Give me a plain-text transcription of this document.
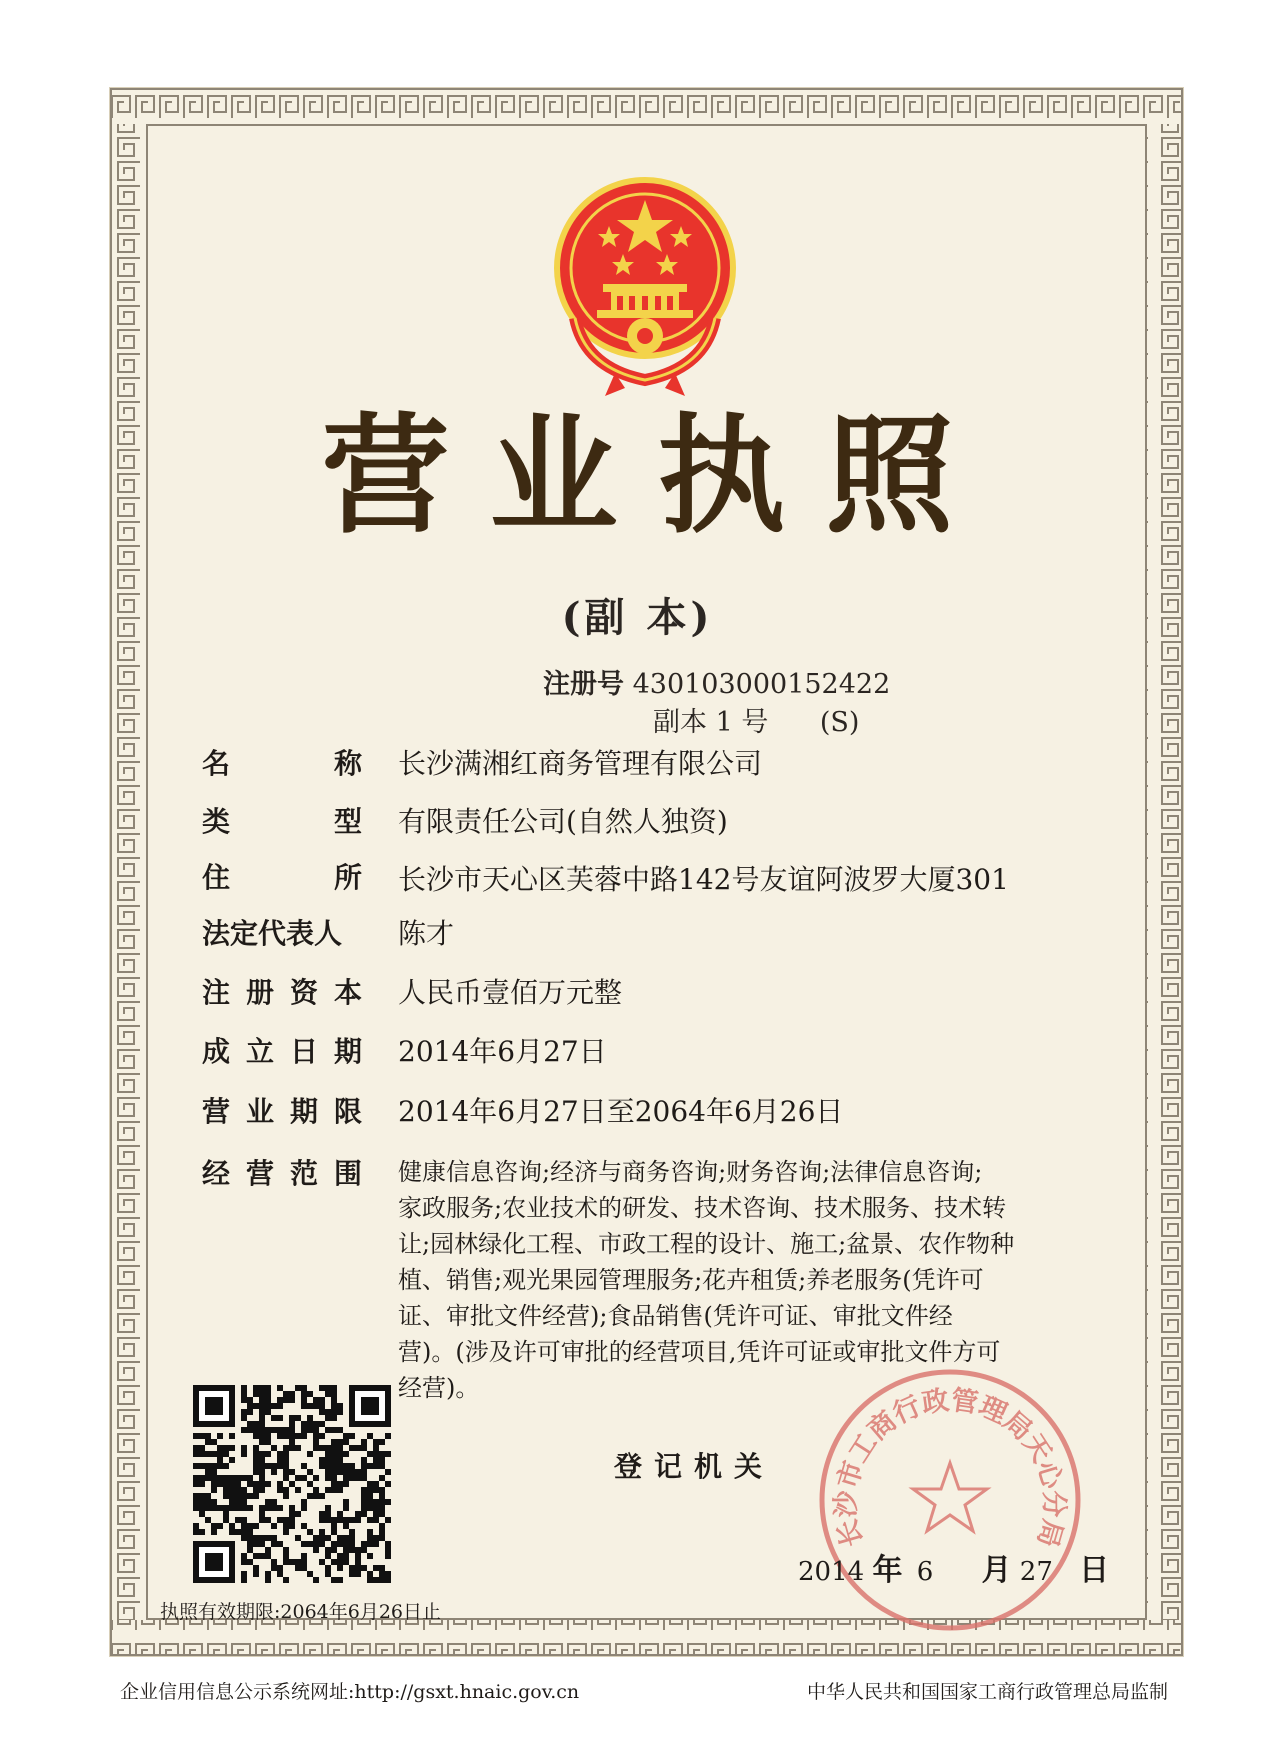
营业执照
(副 本)
注册号 430103000152422
副本 1 号 (S)
名	称 长沙满湘红商务管理有限公司
类	型 有限责任公司(自然人独资)
住	所 长沙市天心区芙蓉中路142号友谊阿波罗大厦301
法定代表人	陈才
注 册 资 本 人民币壹佰万元整
成 立 日 期 2014年6月27日
营 业 期 限 2014年6月27日至2064年6月26日
经 营 范 围 健康信息咨询;经济与商务咨询;财务咨询;法律信息咨询;
家政服务;农业技术的研发、技术咨询、技术服务、技术转
让;园林绿化工程、市政工程的设计、施工;盆景、农作物种
植、销售;观光果园管理服务;花卉租赁;养老服务(凭许可
证、审批文件经营);食品销售(凭许可证、审批文件经
营)。(涉及许可审批的经营项目,凭许可证或审批文件方可
经营)。
执照有效期限:2064年6月26日止
登记机关
长沙市工商行政管理局天心分局
2014 年 6 月 27 日
企业信用信息公示系统网址:http://gsxt.hnaic.gov.cn	中华人民共和国国家工商行政管理总局监制
